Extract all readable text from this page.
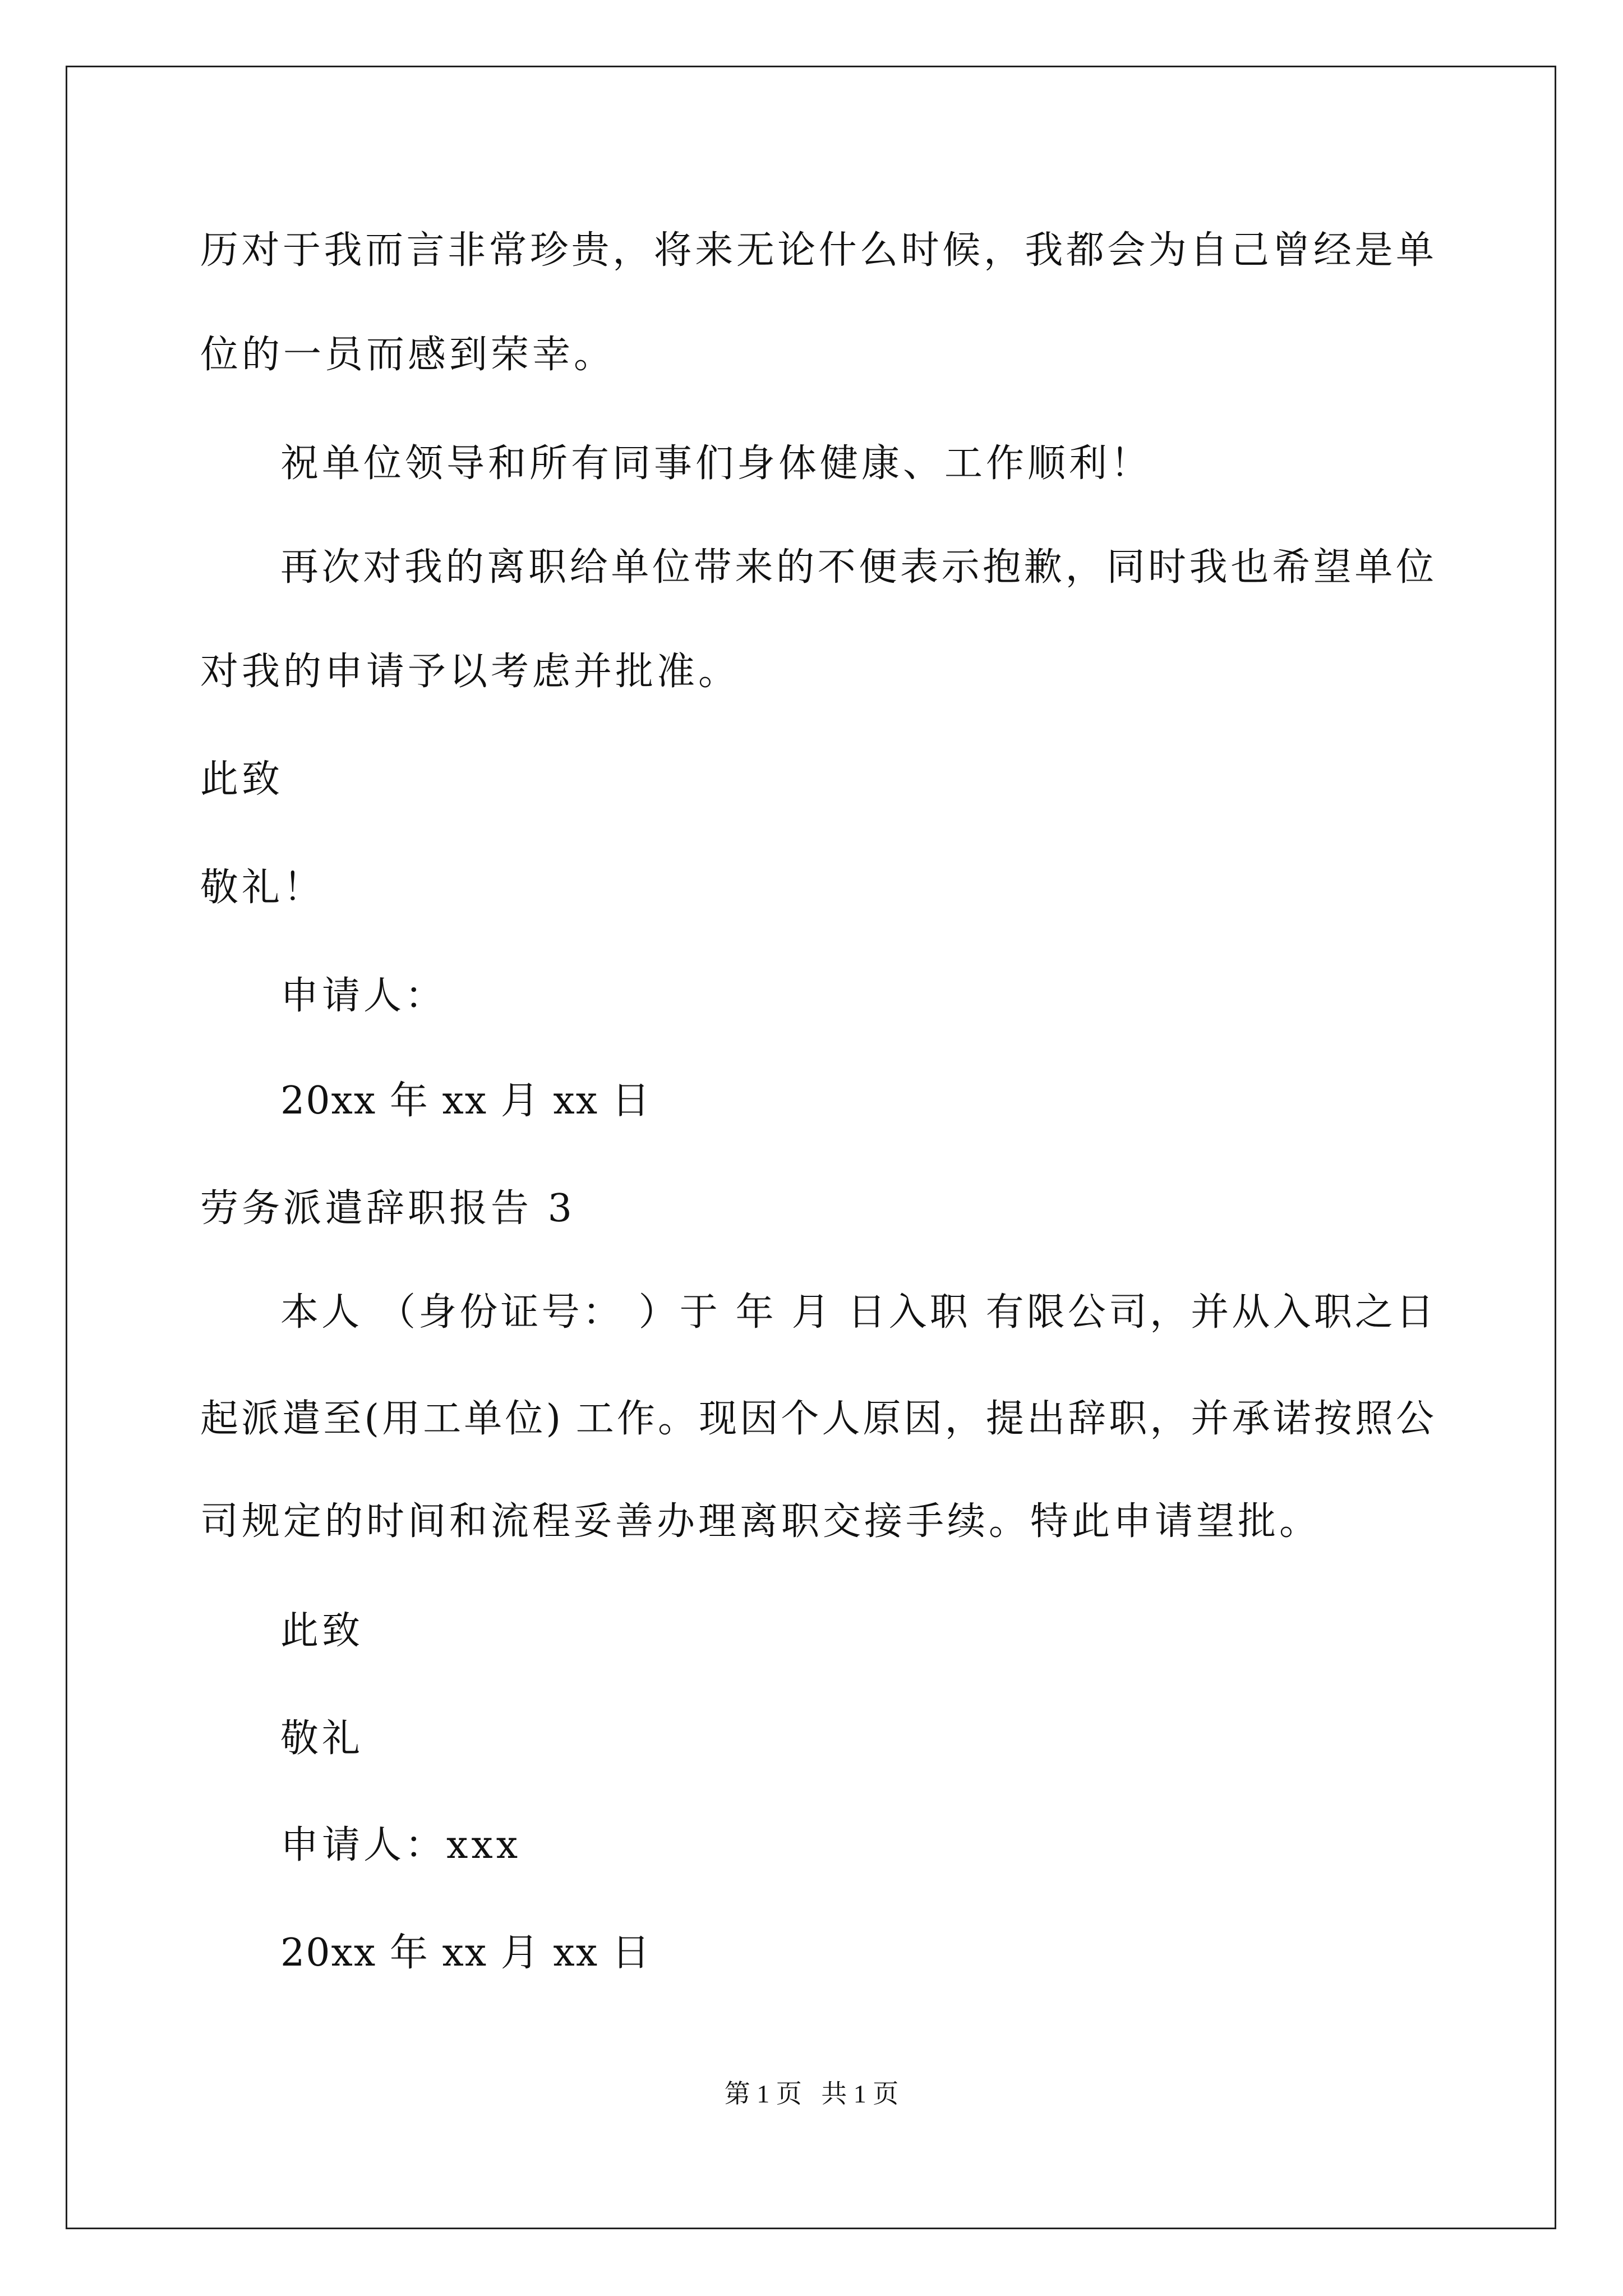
历对于我而言非常珍贵，将来无论什么时候，我都会为自己曾经是单
位的一员而感到荣幸。
祝单位领导和所有同事们身体健康、工作顺利！
再次对我的离职给单位带来的不便表示抱歉，同时我也希望单位
对我的申请予以考虑并批准。
此致
敬礼！
申请人：
20xx 年 xx 月 xx 日
劳务派遣辞职报告 3
本人 （身份证号： ）于 年 月 日入职 有限公司，并从入职之日
起派遣至(用工单位) 工作。现因个人原因，提出辞职，并承诺按照公
司规定的时间和流程妥善办理离职交接手续。特此申请望批。
此致
敬礼
申请人：xxx
20xx 年 xx 月 xx 日
第 1 页   共 1 页
